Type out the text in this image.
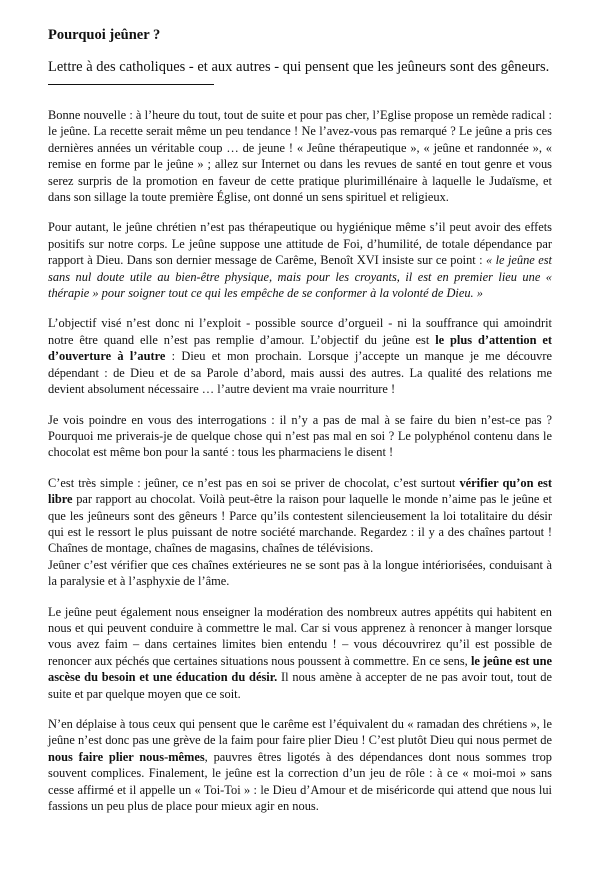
Pourquoi jeûner ?

Lettre à des catholiques - et aux autres - qui pensent que les jeûneurs sont des gêneurs.

Bonne nouvelle : à l’heure du tout, tout de suite et pour pas cher, l’Eglise propose un remède radical : le jeûne. La recette serait même un peu tendance ! Ne l’avez-vous pas remarqué ? Le jeûne a pris ces dernières années un véritable coup … de jeune ! « Jeûne thérapeutique », « jeûne et randonnée », « remise en forme par le jeûne » ; allez sur Internet ou dans les revues de santé en tout genre et vous serez surpris de la promotion en faveur de cette pratique plurimillénaire à laquelle le Judaïsme, et dans son sillage la toute première Église, ont donné un sens spirituel et religieux.

Pour autant, le jeûne chrétien n’est pas thérapeutique ou hygiénique même s’il peut avoir des effets positifs sur notre corps. Le jeûne suppose une attitude de Foi, d’humilité, de totale dépendance par rapport à Dieu. Dans son dernier message de Carême, Benoît XVI insiste sur ce point : « le jeûne est sans nul doute utile au bien-être physique, mais pour les croyants, il est en premier lieu une « thérapie » pour soigner tout ce qui les empêche de se conformer à la volonté de Dieu. »

L’objectif visé n’est donc ni l’exploit - possible source d’orgueil - ni la souffrance qui amoindrit notre être quand elle n’est pas remplie d’amour. L’objectif du jeûne est le plus d’attention et d’ouverture à l’autre : Dieu et mon prochain. Lorsque j’accepte un manque je me découvre dépendant : de Dieu et de sa Parole d’abord, mais aussi des autres. La qualité des relations me devient absolument nécessaire … l’autre devient ma vraie nourriture !

Je vois poindre en vous des interrogations : il n’y a pas de mal à se faire du bien n’est-ce pas ? Pourquoi me priverais-je de quelque chose qui n’est pas mal en soi ? Le polyphénol contenu dans le chocolat est même bon pour la santé : tous les pharmaciens le disent !

C’est très simple : jeûner, ce n’est pas en soi se priver de chocolat, c’est surtout vérifier qu’on est libre par rapport au chocolat. Voilà peut-être la raison pour laquelle le monde n’aime pas le jeûne et que les jeûneurs sont des gêneurs ! Parce qu’ils contestent silencieusement la loi totalitaire du désir qui est le ressort le plus puissant de notre société marchande. Regardez : il y a des chaînes partout ! Chaînes de montage, chaînes de magasins, chaînes de télévisions.

Jeûner c’est vérifier que ces chaînes extérieures ne se sont pas à la longue intériorisées, conduisant à la paralysie et à l’asphyxie de l’âme.

Le jeûne peut également nous enseigner la modération des nombreux autres appétits qui habitent en nous et qui peuvent conduire à commettre le mal. Car si vous apprenez à renoncer à manger lorsque vous avez faim – dans certaines limites bien entendu ! – vous découvrirez qu’il est possible de renoncer aux péchés que certaines situations nous poussent à commettre. En ce sens, le jeûne est une ascèse du besoin et une éducation du désir. Il nous amène à accepter de ne pas avoir tout, tout de suite et par quelque moyen que ce soit.

N’en déplaise à tous ceux qui pensent que le carême est l’équivalent du « ramadan des chrétiens », le jeûne n’est donc pas une grève de la faim pour faire plier Dieu ! C’est plutôt Dieu qui nous permet de nous faire plier nous-mêmes, pauvres êtres ligotés à des dépendances dont nous sommes trop souvent complices. Finalement, le jeûne est la correction d’un jeu de rôle : à ce « moi-moi » sans cesse affirmé et il appelle un « Toi-Toi » : le Dieu d’Amour et de miséricorde qui attend que nous lui fassions un peu plus de place pour mieux agir en nous.
